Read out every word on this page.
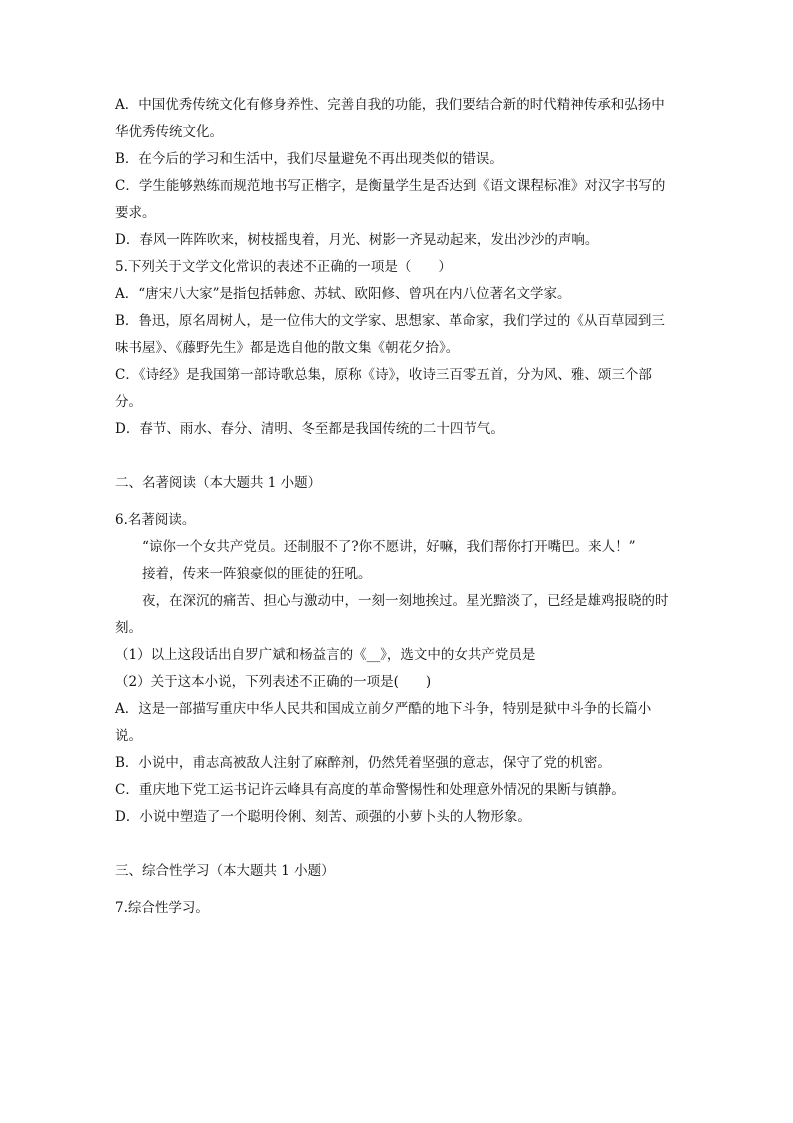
A．中国优秀传统文化有修身养性、完善自我的功能，我们要结合新的时代精神传承和弘扬中华优秀传统文化。

B．在今后的学习和生活中，我们尽量避免不再出现类似的错误。

C．学生能够熟练而规范地书写正楷字，是衡量学生是否达到《语文课程标准》对汉字书写的要求。

D．春风一阵阵吹来，树枝摇曳着，月光、树影一齐晃动起来，发出沙沙的声响。

5.下列关于文学文化常识的表述不正确的一项是（　　）

A．“唐宋八大家”是指包括韩愈、苏轼、欧阳修、曾巩在内八位著名文学家。

B．鲁迅，原名周树人，是一位伟大的文学家、思想家、革命家，我们学过的《从百草园到三味书屋》、《藤野先生》都是选自他的散文集《朝花夕拾》。

C．《诗经》是我国第一部诗歌总集，原称《诗》，收诗三百零五首，分为风、雅、颂三个部分。

D．春节、雨水、春分、清明、冬至都是我国传统的二十四节气。

二、名著阅读（本大题共 1 小题）

6.名著阅读。

“谅你一个女共产党员。还制服不了?你不愿讲，好嘛，我们帮你打开嘴巴。来人！”

接着，传来一阵狼豪似的匪徒的狂吼。

夜，在深沉的痛苦、担心与激动中，一刻一刻地挨过。星光黯淡了，已经是雄鸡报晓的时刻。

（1）以上这段话出自罗广斌和杨益言的《__》，选文中的女共产党员是

（2）关于这本小说，下列表述不正确的一项是(　　)

A．这是一部描写重庆中华人民共和国成立前夕严酷的地下斗争，特别是狱中斗争的长篇小说。

B．小说中，甫志高被敌人注射了麻醉剂，仍然凭着坚强的意志，保守了党的机密。

C．重庆地下党工运书记许云峰具有高度的革命警惕性和处理意外情况的果断与镇静。

D．小说中塑造了一个聪明伶俐、刻苦、顽强的小萝卜头的人物形象。

三、综合性学习（本大题共 1 小题）

7.综合性学习。
